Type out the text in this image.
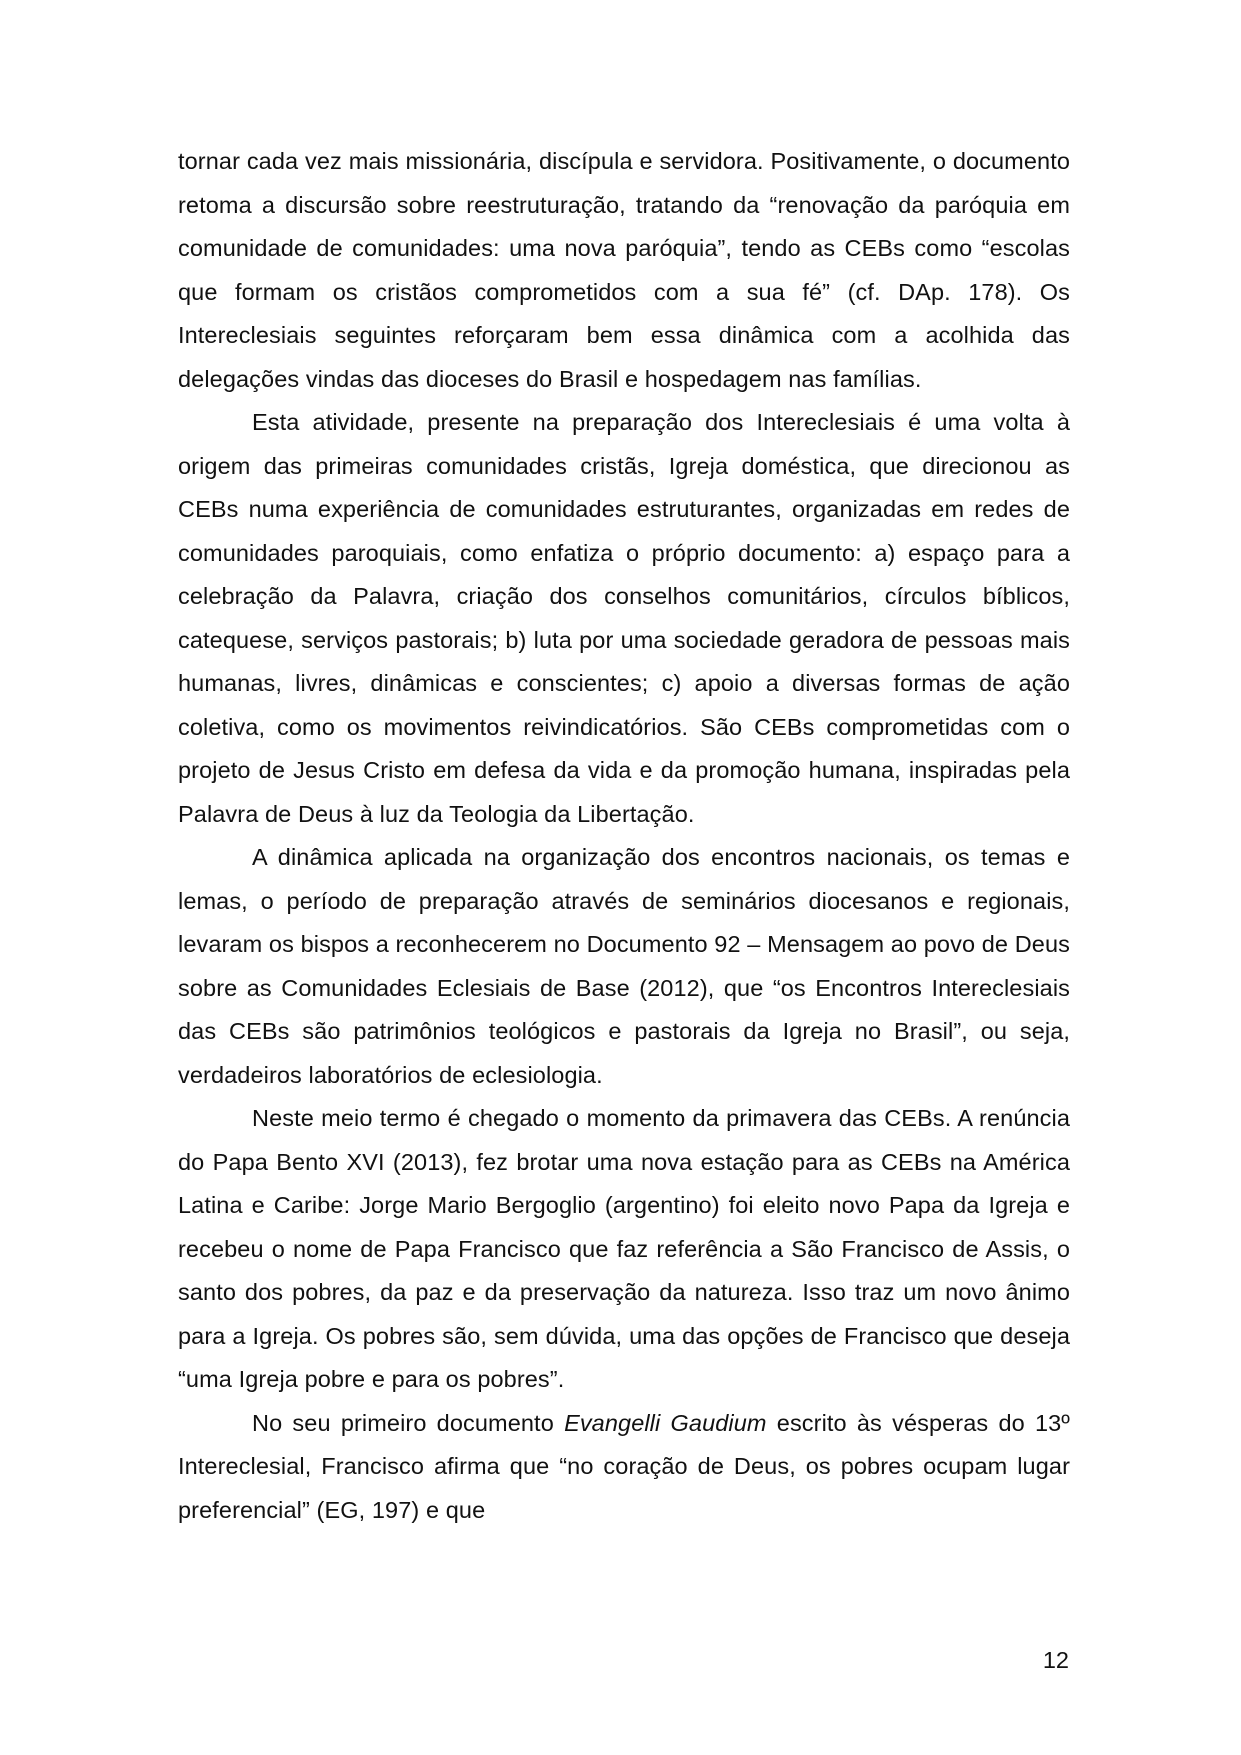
tornar cada vez mais missionária, discípula e servidora. Positivamente, o documento retoma a discursão sobre reestruturação, tratando da “renovação da paróquia em comunidade de comunidades: uma nova paróquia”, tendo as CEBs como “escolas que formam os cristãos comprometidos com a sua fé” (cf. DAp. 178). Os Intereclesiais seguintes reforçaram bem essa dinâmica com a acolhida das delegações vindas das dioceses do Brasil e hospedagem nas famílias.

Esta atividade, presente na preparação dos Intereclesiais é uma volta à origem das primeiras comunidades cristãs, Igreja doméstica, que direcionou as CEBs numa experiência de comunidades estruturantes, organizadas em redes de comunidades paroquiais, como enfatiza o próprio documento: a) espaço para a celebração da Palavra, criação dos conselhos comunitários, círculos bíblicos, catequese, serviços pastorais; b) luta por uma sociedade geradora de pessoas mais humanas, livres, dinâmicas e conscientes; c) apoio a diversas formas de ação coletiva, como os movimentos reivindicatórios. São CEBs comprometidas com o projeto de Jesus Cristo em defesa da vida e da promoção humana, inspiradas pela Palavra de Deus à luz da Teologia da Libertação.

A dinâmica aplicada na organização dos encontros nacionais, os temas e lemas, o período de preparação através de seminários diocesanos e regionais, levaram os bispos a reconhecerem no Documento 92 – Mensagem ao povo de Deus sobre as Comunidades Eclesiais de Base (2012), que “os Encontros Intereclesiais das CEBs são patrimônios teológicos e pastorais da Igreja no Brasil”, ou seja, verdadeiros laboratórios de eclesiologia.

Neste meio termo é chegado o momento da primavera das CEBs. A renúncia do Papa Bento XVI (2013), fez brotar uma nova estação para as CEBs na América Latina e Caribe: Jorge Mario Bergoglio (argentino) foi eleito novo Papa da Igreja e recebeu o nome de Papa Francisco que faz referência a São Francisco de Assis, o santo dos pobres, da paz e da preservação da natureza. Isso traz um novo ânimo para a Igreja. Os pobres são, sem dúvida, uma das opções de Francisco que deseja “uma Igreja pobre e para os pobres”.

No seu primeiro documento Evangelli Gaudium escrito às vésperas do 13º Intereclesial, Francisco afirma que “no coração de Deus, os pobres ocupam lugar preferencial” (EG, 197) e que

12
